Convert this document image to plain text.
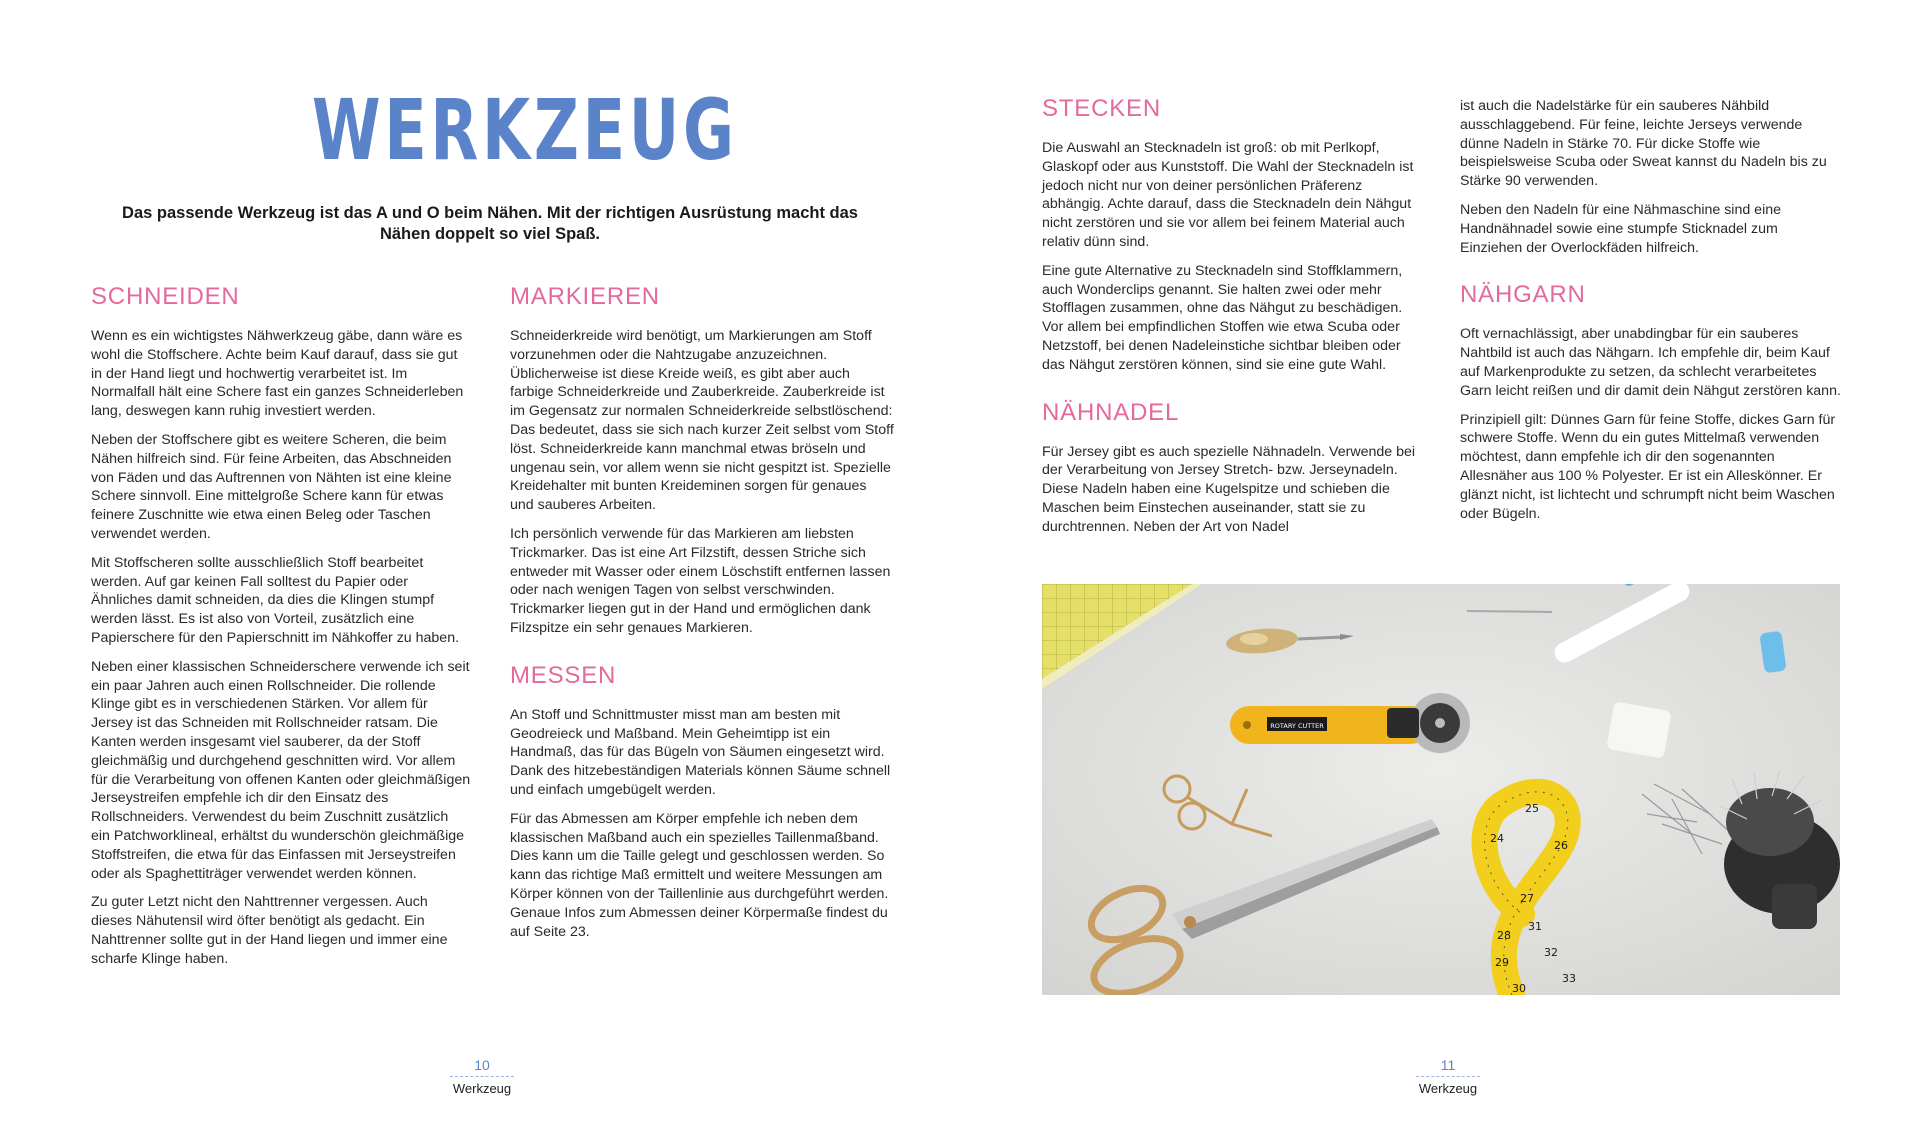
WERKZEUG
Das passende Werkzeug ist das A und O beim Nähen. Mit der richtigen Ausrüstung macht das Nähen doppelt so viel Spaß.
SCHNEIDEN

Wenn es ein wichtigstes Nähwerkzeug gäbe, dann wäre es wohl die Stoffschere. Achte beim Kauf darauf, dass sie gut in der Hand liegt und hochwertig verarbeitet ist. Im Normalfall hält eine Schere fast ein ganzes Schneiderleben lang, deswegen kann ruhig investiert werden.

Neben der Stoffschere gibt es weitere Scheren, die beim Nähen hilfreich sind. Für feine Arbeiten, das Abschneiden von Fäden und das Auftrennen von Nähten ist eine kleine Schere sinnvoll. Eine mittelgroße Schere kann für etwas feinere Zuschnitte wie etwa einen Beleg oder Taschen verwendet werden.

Mit Stoffscheren sollte ausschließlich Stoff bearbeitet werden. Auf gar keinen Fall solltest du Papier oder Ähnliches damit schneiden, da dies die Klingen stumpf werden lässt. Es ist also von Vorteil, zusätzlich eine Papierschere für den Papierschnitt im Nähkoffer zu haben.

Neben einer klassischen Schneiderschere verwende ich seit ein paar Jahren auch einen Rollschneider. Die rollende Klinge gibt es in verschiedenen Stärken. Vor allem für Jersey ist das Schneiden mit Rollschneider ratsam. Die Kanten werden insgesamt viel sauberer, da der Stoff gleichmäßig und durchgehend geschnitten wird. Vor allem für die Verarbeitung von offenen Kanten oder gleichmäßigen Jerseystreifen empfehle ich dir den Einsatz des Rollschneiders. Verwendest du beim Zuschnitt zusätzlich ein Patchworklineal, erhältst du wunderschön gleichmäßige Stoffstreifen, die etwa für das Einfassen mit Jerseystreifen oder als Spaghettiträger verwendet werden können.

Zu guter Letzt nicht den Nahttrenner vergessen. Auch dieses Nähutensil wird öfter benötigt als gedacht. Ein Nahttrenner sollte gut in der Hand liegen und immer eine scharfe Klinge haben.

MARKIEREN

Schneiderkreide wird benötigt, um Markierungen am Stoff vorzunehmen oder die Nahtzugabe anzuzeichnen. Üblicherweise ist diese Kreide weiß, es gibt aber auch farbige Schneiderkreide und Zauberkreide. Zauberkreide ist im Gegensatz zur normalen Schneiderkreide selbstlöschend: Das bedeutet, dass sie sich nach kurzer Zeit selbst vom Stoff löst. Schneiderkreide kann manchmal etwas bröseln und ungenau sein, vor allem wenn sie nicht gespitzt ist. Spezielle Kreidehalter mit bunten Kreideminen sorgen für genaues und sauberes Arbeiten.

Ich persönlich verwende für das Markieren am liebsten Trickmarker. Das ist eine Art Filzstift, dessen Striche sich entweder mit Wasser oder einem Löschstift entfernen lassen oder nach wenigen Tagen von selbst verschwinden. Trickmarker liegen gut in der Hand und ermöglichen dank Filzspitze ein sehr genaues Markieren.

MESSEN

An Stoff und Schnittmuster misst man am besten mit Geodreieck und Maßband. Mein Geheimtipp ist ein Handmaß, das für das Bügeln von Säumen eingesetzt wird. Dank des hitzebeständigen Materials können Säume schnell und einfach umgebügelt werden.

Für das Abmessen am Körper empfehle ich neben dem klassischen Maßband auch ein spezielles Taillenmaßband. Dies kann um die Taille gelegt und geschlossen werden. So kann das richtige Maß ermittelt und weitere Messungen am Körper können von der Taillenlinie aus durchgeführt werden. Genaue Infos zum Abmessen deiner Körpermaße findest du auf Seite 23.

10
Werkzeug
STECKEN

Die Auswahl an Stecknadeln ist groß: ob mit Perlkopf, Glaskopf oder aus Kunststoff. Die Wahl der Stecknadeln ist jedoch nicht nur von deiner persönlichen Präferenz abhängig. Achte darauf, dass die Stecknadeln dein Nähgut nicht zerstören und sie vor allem bei feinem Material auch relativ dünn sind.

Eine gute Alternative zu Stecknadeln sind Stoffklammern, auch Wonderclips genannt. Sie halten zwei oder mehr Stofflagen zusammen, ohne das Nähgut zu beschädigen. Vor allem bei empfindlichen Stoffen wie etwa Scuba oder Netzstoff, bei denen Nadeleinstiche sichtbar bleiben oder das Nähgut zerstören können, sind sie eine gute Wahl.

NÄHNADEL

Für Jersey gibt es auch spezielle Nähnadeln. Verwende bei der Verarbeitung von Jersey Stretch- bzw. Jerseynadeln. Diese Nadeln haben eine Kugelspitze und schieben die Maschen beim Einstechen auseinander, statt sie zu durchtrennen. Neben der Art von Nadel

ist auch die Nadelstärke für ein sauberes Nähbild ausschlaggebend. Für feine, leichte Jerseys verwende dünne Nadeln in Stärke 70. Für dicke Stoffe wie beispielsweise Scuba oder Sweat kannst du Nadeln bis zu Stärke 90 verwenden.

Neben den Nadeln für eine Nähmaschine sind eine Handnähnadel sowie eine stumpfe Sticknadel zum Einziehen der Overlockfäden hilfreich.

NÄHGARN

Oft vernachlässigt, aber unabdingbar für ein sauberes Nahtbild ist auch das Nähgarn. Ich empfehle dir, beim Kauf auf Markenprodukte zu setzen, da schlecht verarbeitetes Garn leicht reißen und dir damit dein Nähgut zerstören kann.

Prinzipiell gilt: Dünnes Garn für feine Stoffe, dickes Garn für schwere Stoffe. Wenn du ein gutes Mittelmaß verwenden möchtest, dann empfehle ich dir den sogenannten Allesnäher aus 100 % Polyester. Er ist ein Alleskönner. Er glänzt nicht, ist lichtecht und schrumpft nicht beim Waschen oder Bügeln.

ROTARY CUTTER
33
32
31
30
29
28
27
26
25
24
11
Werkzeug
